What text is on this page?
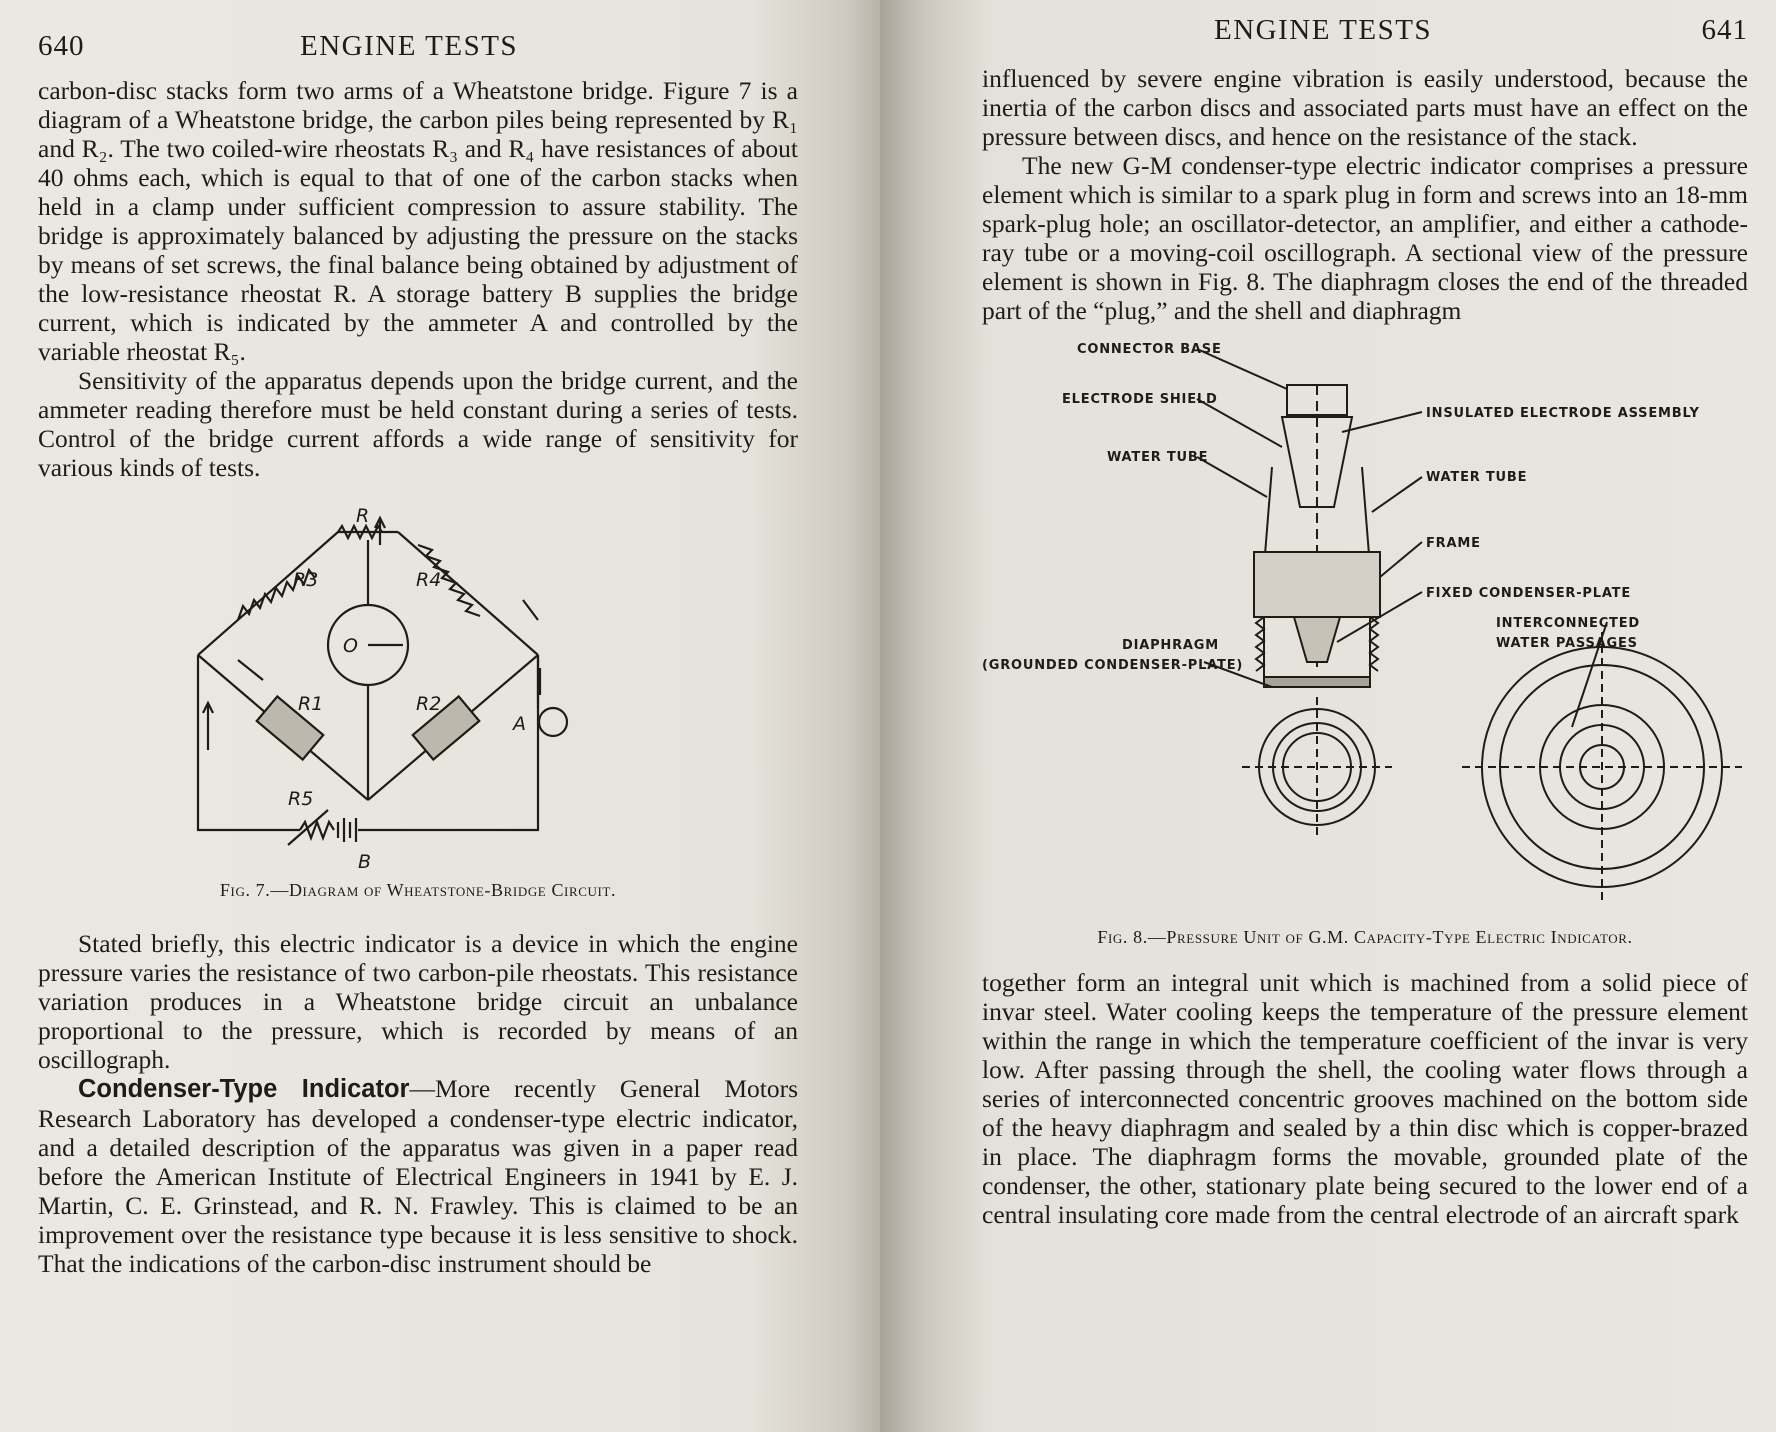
640	ENGINE TESTS

carbon-disc stacks form two arms of a Wheatstone bridge. Figure 7 is a diagram of a Wheatstone bridge, the carbon piles being represented by R₁ and R₂. The two coiled-wire rheostats R₃ and R₄ have resistances of about 40 ohms each, which is equal to that of one of the carbon stacks when held in a clamp under sufficient compression to assure stability. The bridge is approximately balanced by adjusting the pressure on the stacks by means of set screws, the final balance being obtained by adjustment of the low-resistance rheostat R. A storage battery B supplies the bridge current, which is indicated by the ammeter A and controlled by the variable rheostat R₅.

Sensitivity of the apparatus depends upon the bridge current, and the ammeter reading therefore must be held constant during a series of tests. Control of the bridge current affords a wide range of sensitivity for various kinds of tests.

R
R3	R4
O
R1	R2
A
R5
B
Fig. 7.—Diagram of Wheatstone-Bridge Circuit.

Stated briefly, this electric indicator is a device in which the engine pressure varies the resistance of two carbon-pile rheostats. This resistance variation produces in a Wheatstone bridge circuit an unbalance proportional to the pressure, which is recorded by means of an oscillograph.

Condenser-Type Indicator—More recently General Motors Research Laboratory has developed a condenser-type electric indicator, and a detailed description of the apparatus was given in a paper read before the American Institute of Electrical Engineers in 1941 by E. J. Martin, C. E. Grinstead, and R. N. Frawley. This is claimed to be an improvement over the resistance type because it is less sensitive to shock. That the indications of the carbon-disc instrument should be

ENGINE TESTS	641

influenced by severe engine vibration is easily understood, because the inertia of the carbon discs and associated parts must have an effect on the pressure between discs, and hence on the resistance of the stack.

The new G-M condenser-type electric indicator comprises a pressure element which is similar to a spark plug in form and screws into an 18-mm spark-plug hole; an oscillator-detector, an amplifier, and either a cathode-ray tube or a moving-coil oscillograph. A sectional view of the pressure element is shown in Fig. 8. The diaphragm closes the end of the threaded part of the “plug,” and the shell and diaphragm

CONNECTOR BASE
ELECTRODE SHIELD
WATER TUBE
INSULATED ELECTRODE ASSEMBLY
WATER TUBE
FRAME
FIXED CONDENSER-PLATE
INTERCONNECTED
WATER PASSAGES
DIAPHRAGM
(GROUNDED CONDENSER-PLATE)
Fig. 8.—Pressure Unit of G.M. Capacity-Type Electric Indicator.

together form an integral unit which is machined from a solid piece of invar steel. Water cooling keeps the temperature of the pressure element within the range in which the temperature coefficient of the invar is very low. After passing through the shell, the cooling water flows through a series of interconnected concentric grooves machined on the bottom side of the heavy diaphragm and sealed by a thin disc which is copper-brazed in place. The diaphragm forms the movable, grounded plate of the condenser, the other, stationary plate being secured to the lower end of a central insulating core made from the central electrode of an aircraft spark
